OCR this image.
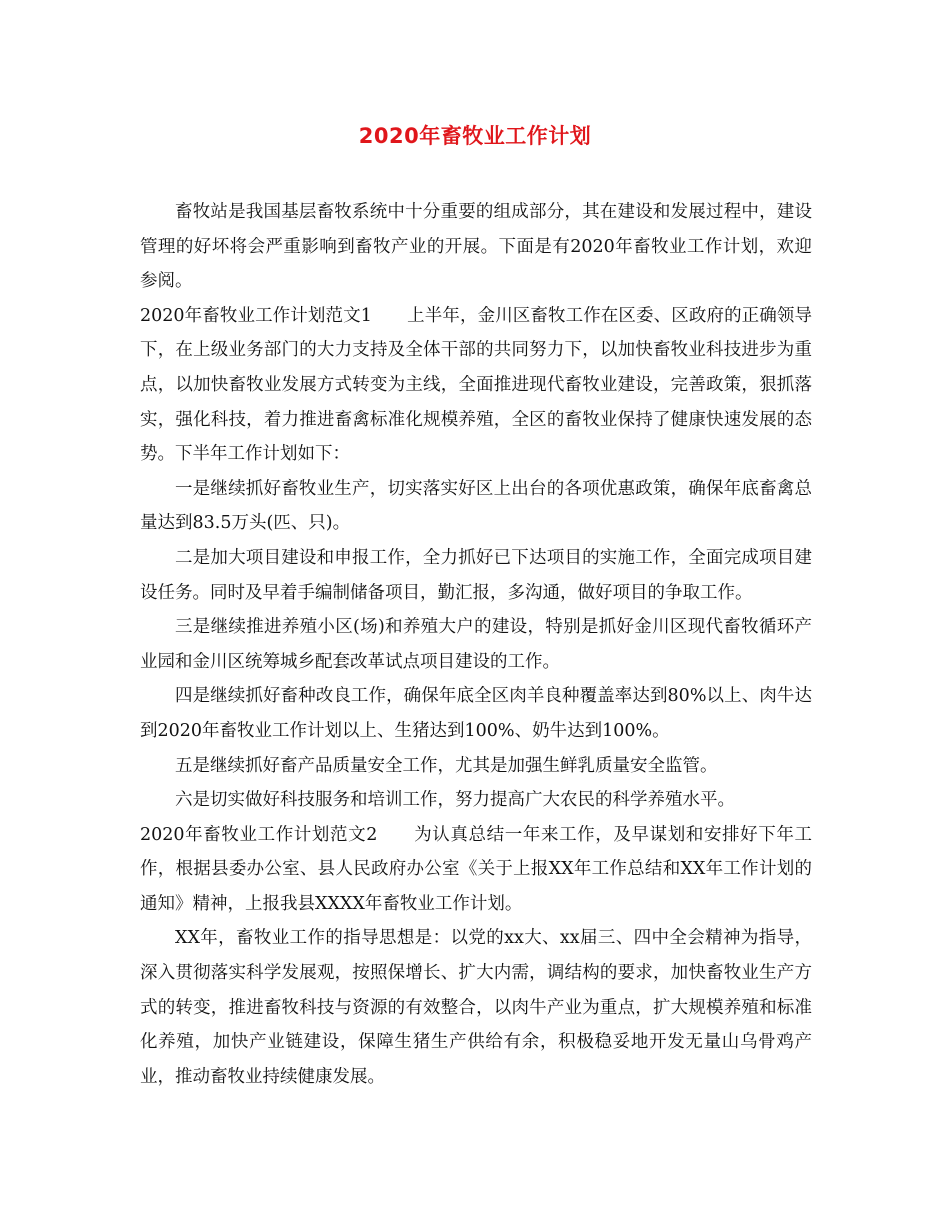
2020年畜牧业工作计划

畜牧站是我国基层畜牧系统中十分重要的组成部分，其在建设和发展过程中，建设管理的好坏将会严重影响到畜牧产业的开展。下面是有2020年畜牧业工作计划，欢迎参阅。

2020年畜牧业工作计划范文1　　上半年，金川区畜牧工作在区委、区政府的正确领导下，在上级业务部门的大力支持及全体干部的共同努力下，以加快畜牧业科技进步为重点，以加快畜牧业发展方式转变为主线，全面推进现代畜牧业建设，完善政策，狠抓落实，强化科技，着力推进畜禽标准化规模养殖，全区的畜牧业保持了健康快速发展的态势。下半年工作计划如下：

一是继续抓好畜牧业生产，切实落实好区上出台的各项优惠政策，确保年底畜禽总量达到83.5万头(匹、只)。

二是加大项目建设和申报工作，全力抓好已下达项目的实施工作，全面完成项目建设任务。同时及早着手编制储备项目，勤汇报，多沟通，做好项目的争取工作。

三是继续推进养殖小区(场)和养殖大户的建设，特别是抓好金川区现代畜牧循环产业园和金川区统筹城乡配套改革试点项目建设的工作。

四是继续抓好畜种改良工作，确保年底全区肉羊良种覆盖率达到80%以上、肉牛达到2020年畜牧业工作计划以上、生猪达到100%、奶牛达到100%。

五是继续抓好畜产品质量安全工作，尤其是加强生鲜乳质量安全监管。

六是切实做好科技服务和培训工作，努力提高广大农民的科学养殖水平。

2020年畜牧业工作计划范文2　　为认真总结一年来工作，及早谋划和安排好下年工作，根据县委办公室、县人民政府办公室《关于上报XX年工作总结和XX年工作计划的通知》精神，上报我县XXXX年畜牧业工作计划。

XX年，畜牧业工作的指导思想是：以党的xx大、xx届三、四中全会精神为指导，深入贯彻落实科学发展观，按照保增长、扩大内需，调结构的要求，加快畜牧业生产方式的转变，推进畜牧科技与资源的有效整合，以肉牛产业为重点，扩大规模养殖和标准化养殖，加快产业链建设，保障生猪生产供给有余，积极稳妥地开发无量山乌骨鸡产业，推动畜牧业持续健康发展。
